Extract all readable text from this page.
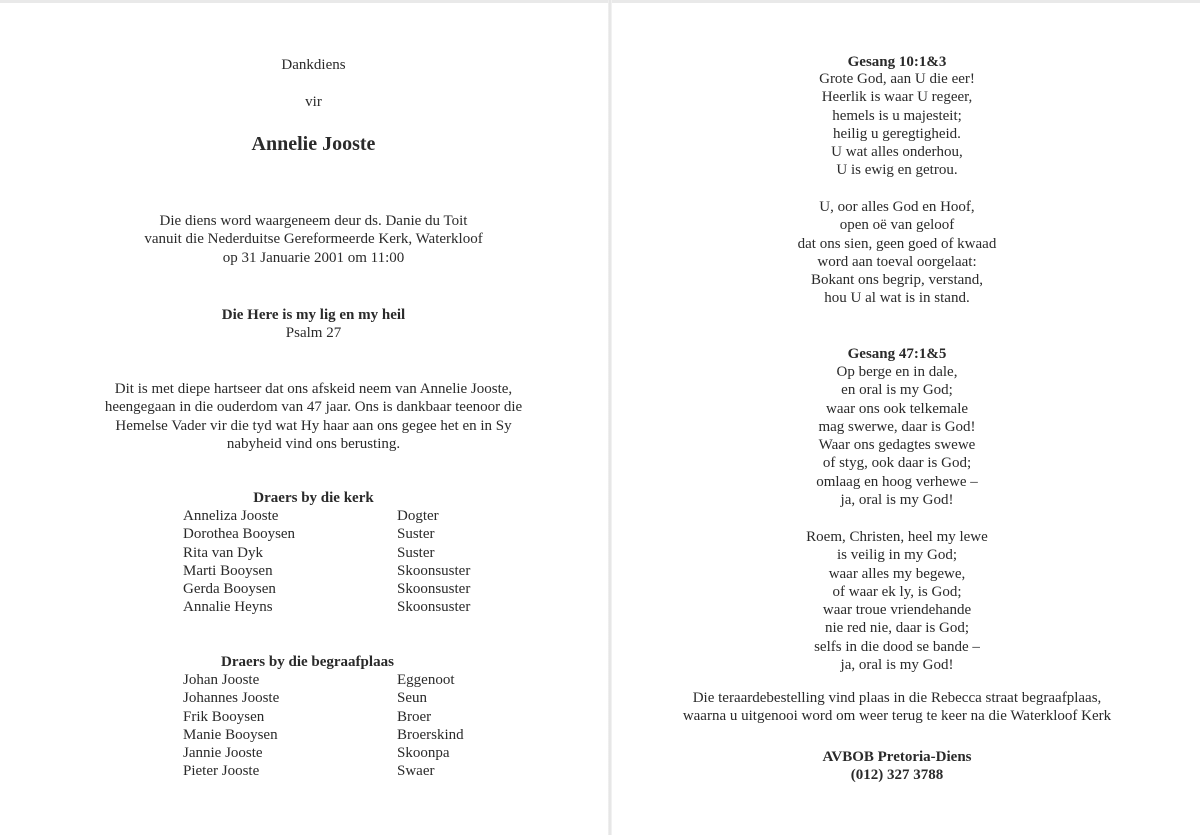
Dankdiens
vir
Annelie Jooste
Die diens word waargeneem deur ds. Danie du Toit
vanuit die Nederduitse Gereformeerde Kerk, Waterkloof
op 31 Januarie 2001 om 11:00
Die Here is my lig en my heil
Psalm 27
Dit is met diepe hartseer dat ons afskeid neem van Annelie Jooste,
heengegaan in die ouderdom van 47 jaar. Ons is dankbaar teenoor die
Hemelse Vader vir die tyd wat Hy haar aan ons gegee het en in Sy
nabyheid vind ons berusting.
Draers by die kerk
Anneliza Jooste
Dorothea Booysen
Rita van Dyk
Marti Booysen
Gerda Booysen
Annalie Heyns
Dogter
Suster
Suster
Skoonsuster
Skoonsuster
Skoonsuster
Draers by die begraafplaas
Johan Jooste
Johannes Jooste
Frik Booysen
Manie Booysen
Jannie Jooste
Pieter Jooste
Eggenoot
Seun
Broer
Broerskind
Skoonpa
Swaer
Gesang 10:1&3
Grote God, aan U die eer!
Heerlik is waar U regeer,
hemels is u majesteit;
heilig u geregtigheid.
U wat alles onderhou,
U is ewig en getrou.
U, oor alles God en Hoof,
open oë van geloof
dat ons sien, geen goed of kwaad
word aan toeval oorgelaat:
Bokant ons begrip, verstand,
hou U al wat is in stand.
Gesang 47:1&5
Op berge en in dale,
en oral is my God;
waar ons ook telkemale
mag swerwe, daar is God!
Waar ons gedagtes swewe
of styg, ook daar is God;
omlaag en hoog verhewe –
ja, oral is my God!
Roem, Christen, heel my lewe
is veilig in my God;
waar alles my begewe,
of waar ek ly, is God;
waar troue vriendehande
nie red nie, daar is God;
selfs in die dood se bande –
ja, oral is my God!
Die teraardebestelling vind plaas in die Rebecca straat begraafplaas,
waarna u uitgenooi word om weer terug te keer na die Waterkloof Kerk
AVBOB Pretoria-Diens
(012) 327 3788
